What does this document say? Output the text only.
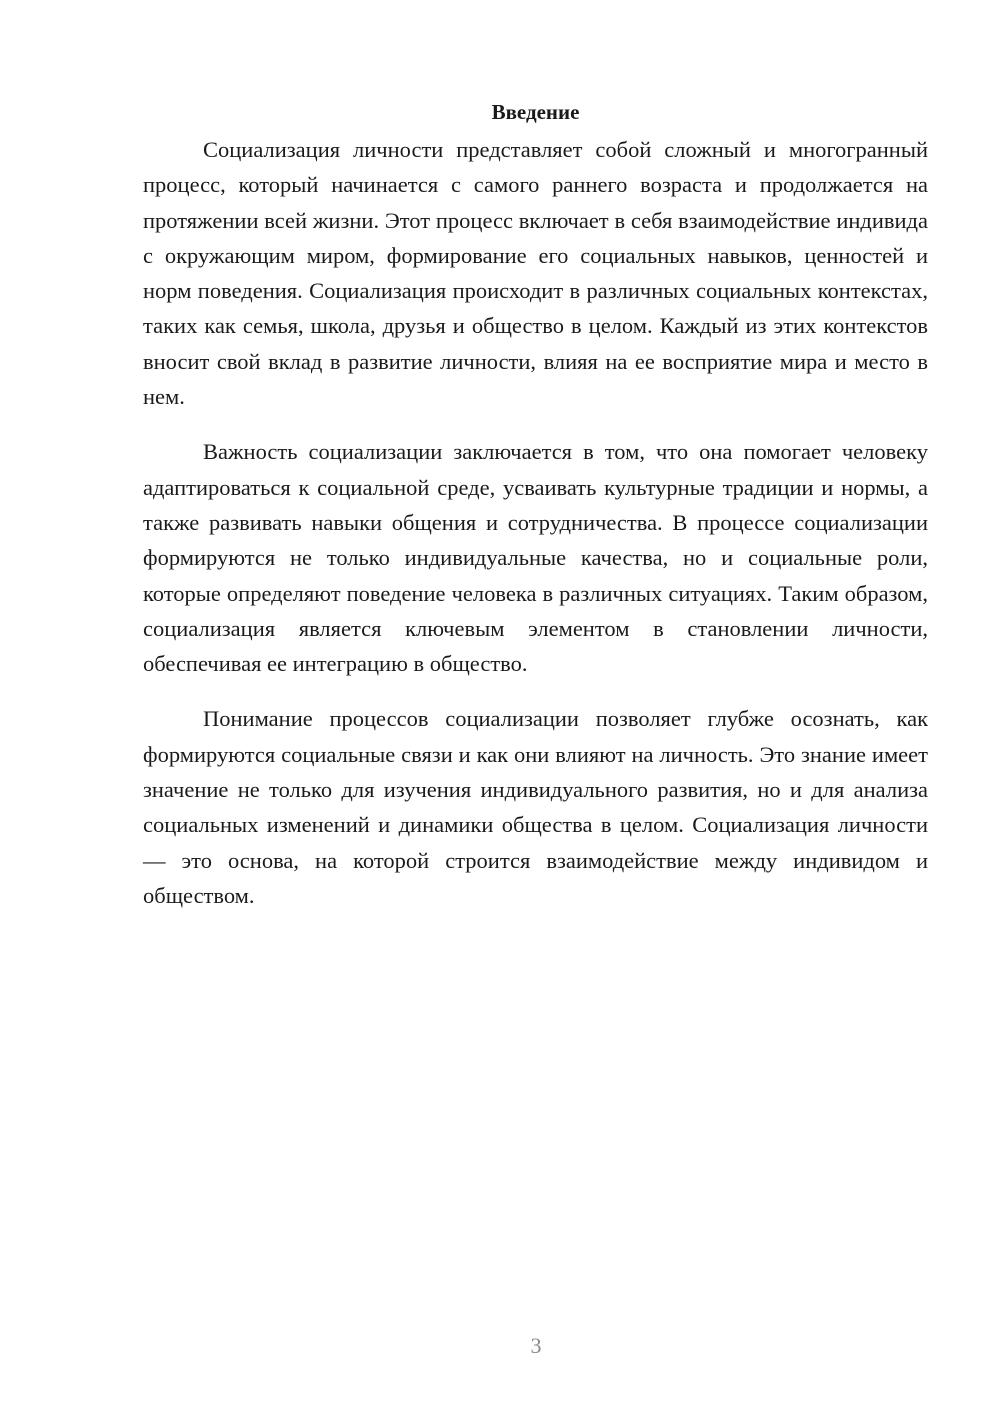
Введение

Социализация личности представляет собой сложный и многогранный процесс, который начинается с самого раннего возраста и продолжается на протяжении всей жизни. Этот процесс включает в себя взаимодействие индивида с окружающим миром, формирование его социальных навыков, ценностей и норм поведения. Социализация происходит в различных социальных контекстах, таких как семья, школа, друзья и общество в целом. Каждый из этих контекстов вносит свой вклад в развитие личности, влияя на ее восприятие мира и место в нем.

Важность социализации заключается в том, что она помогает человеку адаптироваться к социальной среде, усваивать культурные традиции и нормы, а также развивать навыки общения и сотрудничества. В процессе социализации формируются не только индивидуальные качества, но и социальные роли, которые определяют поведение человека в различных ситуациях. Таким образом, социализация является ключевым элементом в становлении личности, обеспечивая ее интеграцию в общество.

Понимание процессов социализации позволяет глубже осознать, как формируются социальные связи и как они влияют на личность. Это знание имеет значение не только для изучения индивидуального развития, но и для анализа социальных изменений и динамики общества в целом. Социализация личности — это основа, на которой строится взаимодействие между индивидом и обществом.

3
